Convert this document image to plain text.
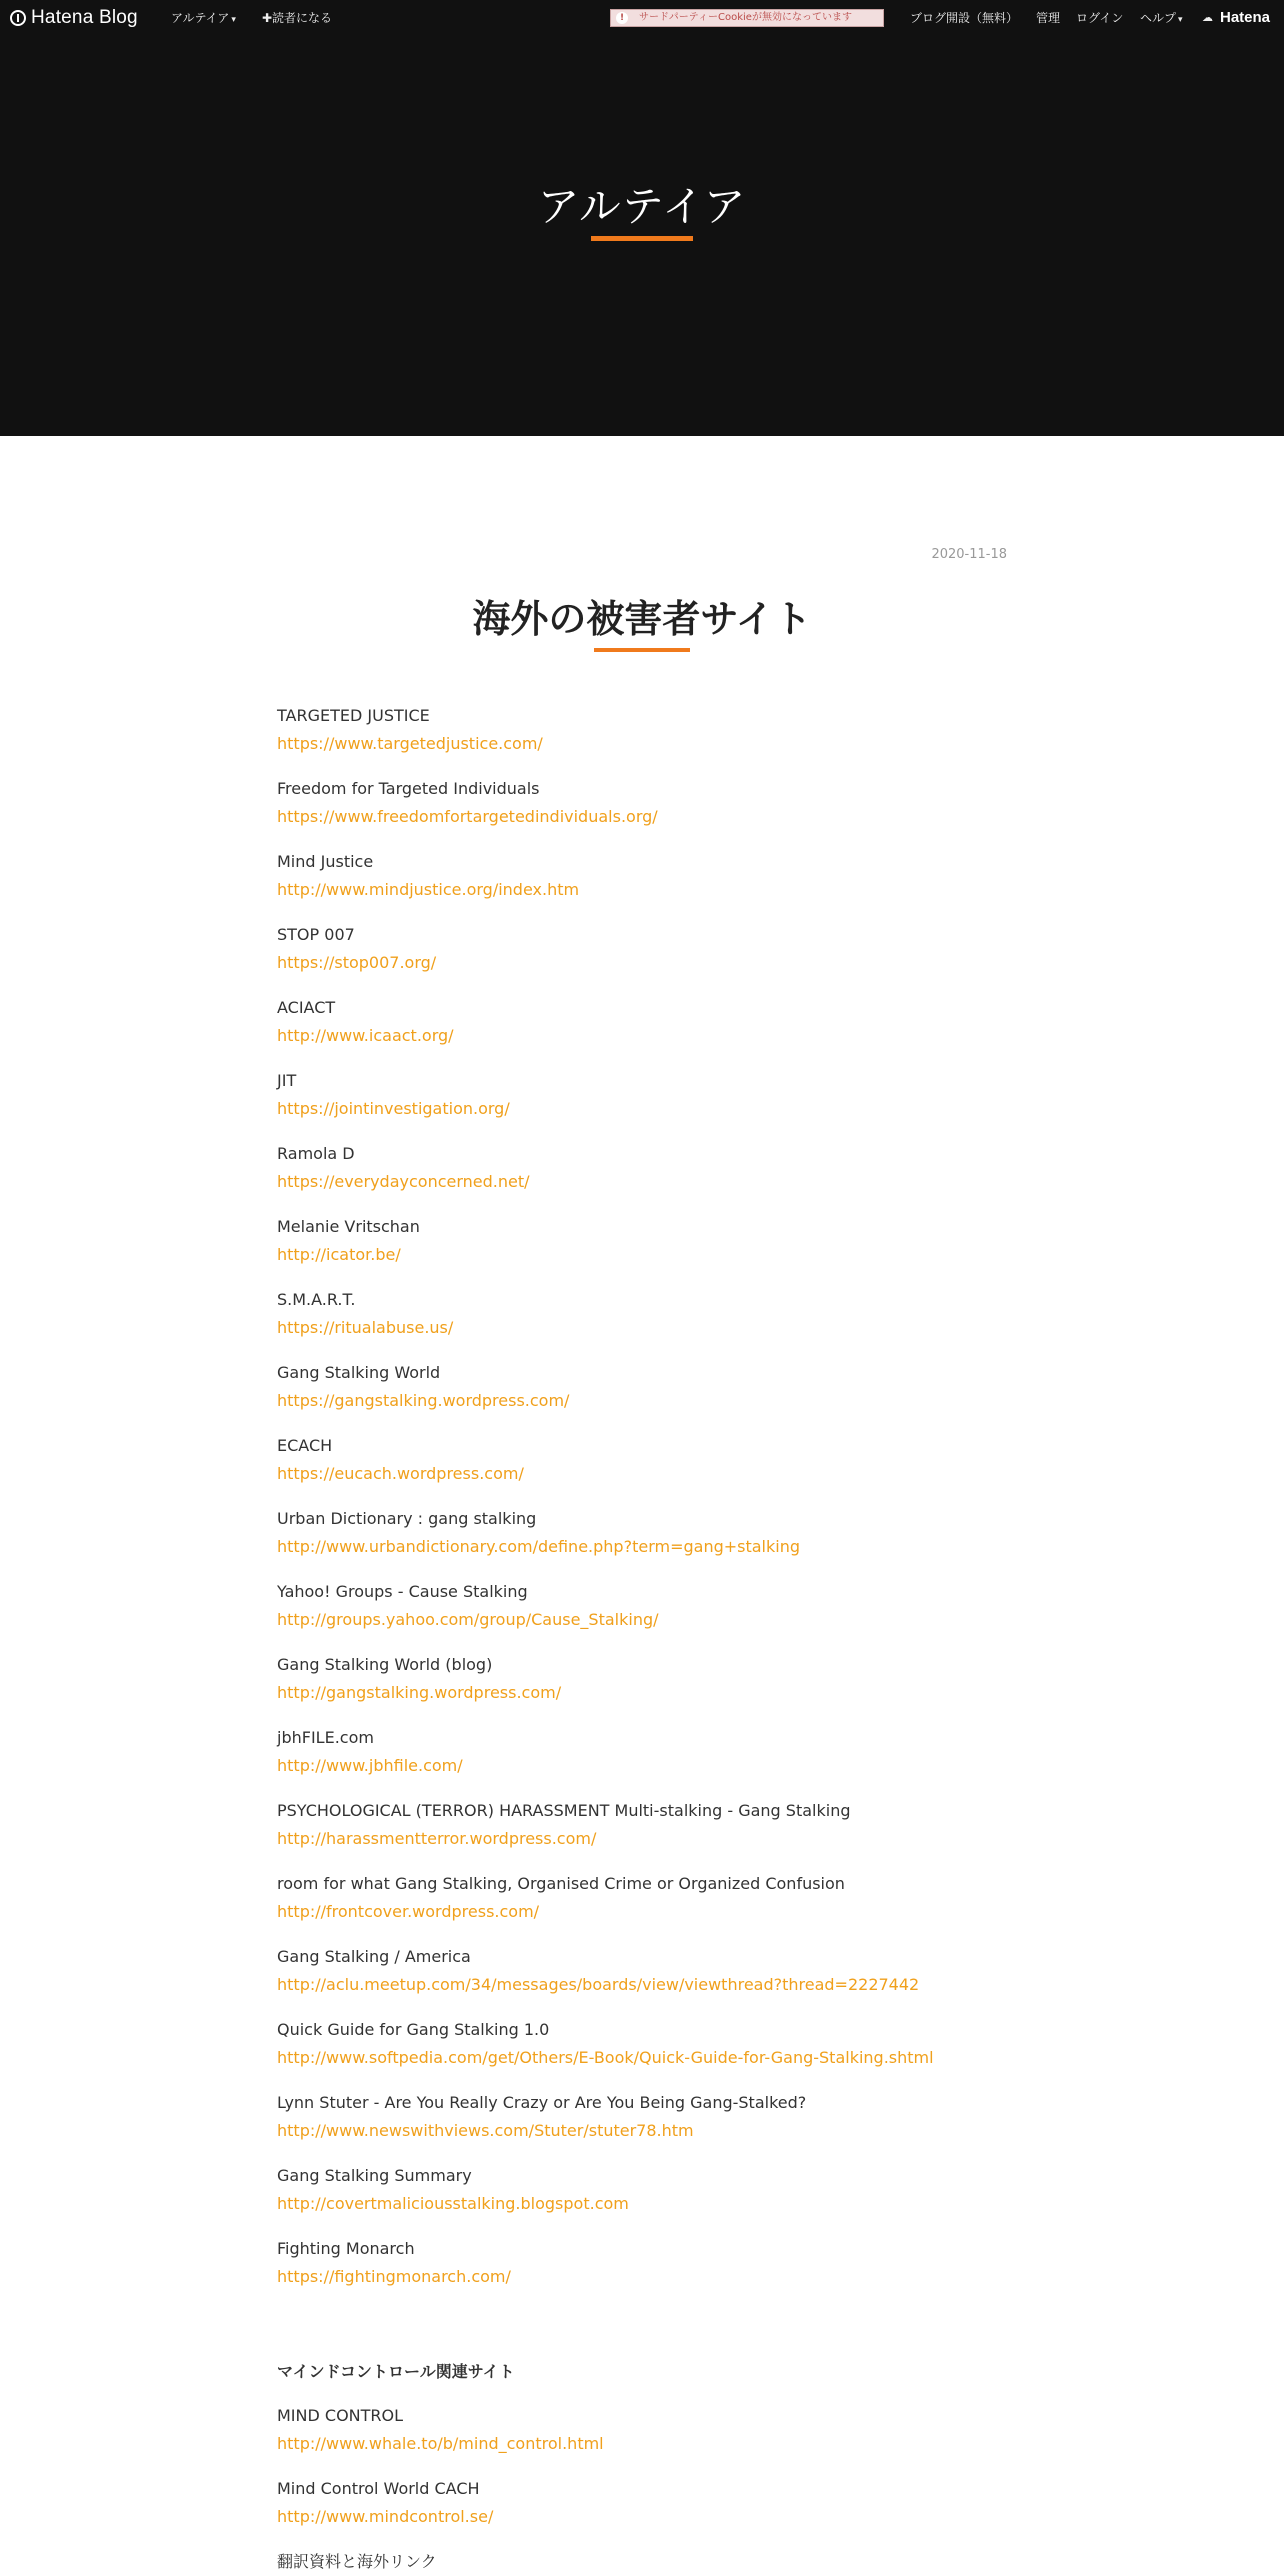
Hatena Blog	アルテイア ▾	✚読者になる	!	サードパーティーCookieが無効になっています	ブログ開設（無料） 管理 ログイン ヘルプ ▾	☁ Hatena
アルテイア
2020-11-18
海外の被害者サイト
TARGETED JUSTICE
https://www.targetedjustice.com/
Freedom for Targeted Individuals
https://www.freedomfortargetedindividuals.org/
Mind Justice
http://www.mindjustice.org/index.htm
STOP 007
https://stop007.org/
ACIACT
http://www.icaact.org/
JIT
https://jointinvestigation.org/
Ramola D
https://everydayconcerned.net/
Melanie Vritschan
http://icator.be/
S.M.A.R.T.
https://ritualabuse.us/
Gang Stalking World
https://gangstalking.wordpress.com/
ECACH
https://eucach.wordpress.com/
Urban Dictionary : gang stalking
http://www.urbandictionary.com/define.php?term=gang+stalking
Yahoo! Groups - Cause Stalking
http://groups.yahoo.com/group/Cause_Stalking/
Gang Stalking World (blog)
http://gangstalking.wordpress.com/
jbhFILE.com
http://www.jbhfile.com/
PSYCHOLOGICAL (TERROR) HARASSMENT Multi-stalking - Gang Stalking
http://harassmentterror.wordpress.com/
room for what Gang Stalking, Organised Crime or Organized Confusion
http://frontcover.wordpress.com/
Gang Stalking / America
http://aclu.meetup.com/34/messages/boards/view/viewthread?thread=2227442
Quick Guide for Gang Stalking 1.0
http://www.softpedia.com/get/Others/E-Book/Quick-Guide-for-Gang-Stalking.shtml
Lynn Stuter - Are You Really Crazy or Are You Being Gang-Stalked?
http://www.newswithviews.com/Stuter/stuter78.htm
Gang Stalking Summary
http://covertmaliciousstalking.blogspot.com
Fighting Monarch
https://fightingmonarch.com/
マインドコントロール関連サイト
MIND CONTROL
http://www.whale.to/b/mind_control.html
Mind Control World CACH
http://www.mindcontrol.se/
翻訳資料と海外リンク
